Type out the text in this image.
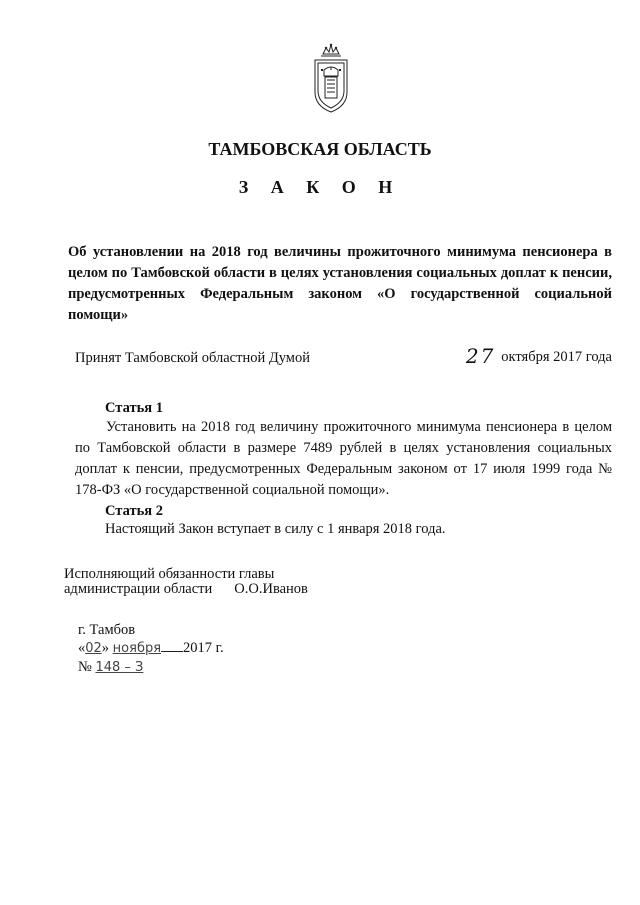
ТАМБОВСКАЯ ОБЛАСТЬ
З А К О Н
Об установлении на 2018 год величины прожиточного минимума пенсионера в целом по Тамбовской области в целях установления социальных доплат к пенсии, предусмотренных Федеральным законом «О государственной социальной помощи»
Принят Тамбовской областной Думой	27 октября 2017 года
Статья 1
Установить на 2018 год величину прожиточного минимума пенсионера в целом по Тамбовской области в размере 7489 рублей в целях установления социальных доплат к пенсии, предусмотренных Федеральным законом от 17 июля 1999 года № 178-ФЗ «О государственной социальной помощи».
Статья 2
Настоящий Закон вступает в силу с 1 января 2018 года.
Исполняющий обязанности главы
администрации области О.О.Иванов
г. Тамбов
«02» ноября 2017 г.
№ 148 – З
